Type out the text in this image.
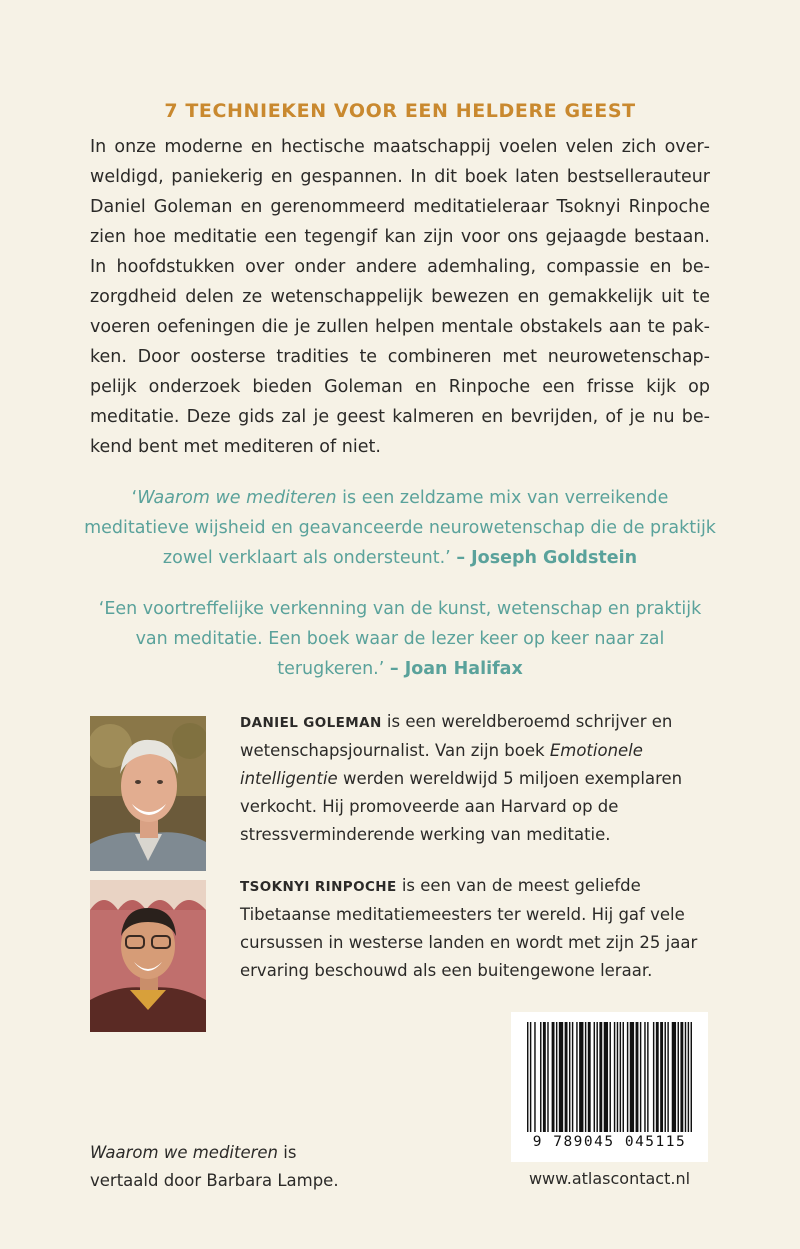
7 TECHNIEKEN VOOR EEN HELDERE GEEST

In onze moderne en hectische maatschappij voelen velen zich overweldigd, paniekerig en gespannen. In dit boek laten bestsellerauteur Daniel Goleman en gerenommeerd meditatieleraar Tsoknyi Rinpoche zien hoe meditatie een tegengif kan zijn voor ons gejaagde bestaan. In hoofdstukken over onder andere ademhaling, compassie en bezorgdheid delen ze wetenschappelijk bewezen en gemakkelijk uit te voeren oefeningen die je zullen helpen mentale obstakels aan te pakken. Door oosterse tradities te combineren met neurowetenschappelijk onderzoek bieden Goleman en Rinpoche een frisse kijk op meditatie. Deze gids zal je geest kalmeren en bevrijden, of je nu bekend bent met mediteren of niet.

‘Waarom we mediteren is een zeldzame mix van verreikende meditatieve wijsheid en geavanceerde neurowetenschap die de praktijk zowel verklaart als ondersteunt.’ – Joseph Goldstein
‘Een voortreffelijke verkenning van de kunst, wetenschap en praktijk van meditatie. Een boek waar de lezer keer op keer naar zal terugkeren.’ – Joan Halifax
DANIEL GOLEMAN is een wereldberoemd schrijver en wetenschapsjournalist. Van zijn boek Emotionele intelligentie werden wereldwijd 5 miljoen exemplaren verkocht. Hij promoveerde aan Harvard op de stressverminderende werking van meditatie.
TSOKNYI RINPOCHE is een van de meest geliefde Tibetaanse meditatiemeesters ter wereld. Hij gaf vele cursussen in westerse landen en wordt met zijn 25 jaar ervaring beschouwd als een buitengewone leraar.
Waarom we mediteren is
vertaald door Barbara Lampe.
9 789045 045115
www.atlascontact.nl
